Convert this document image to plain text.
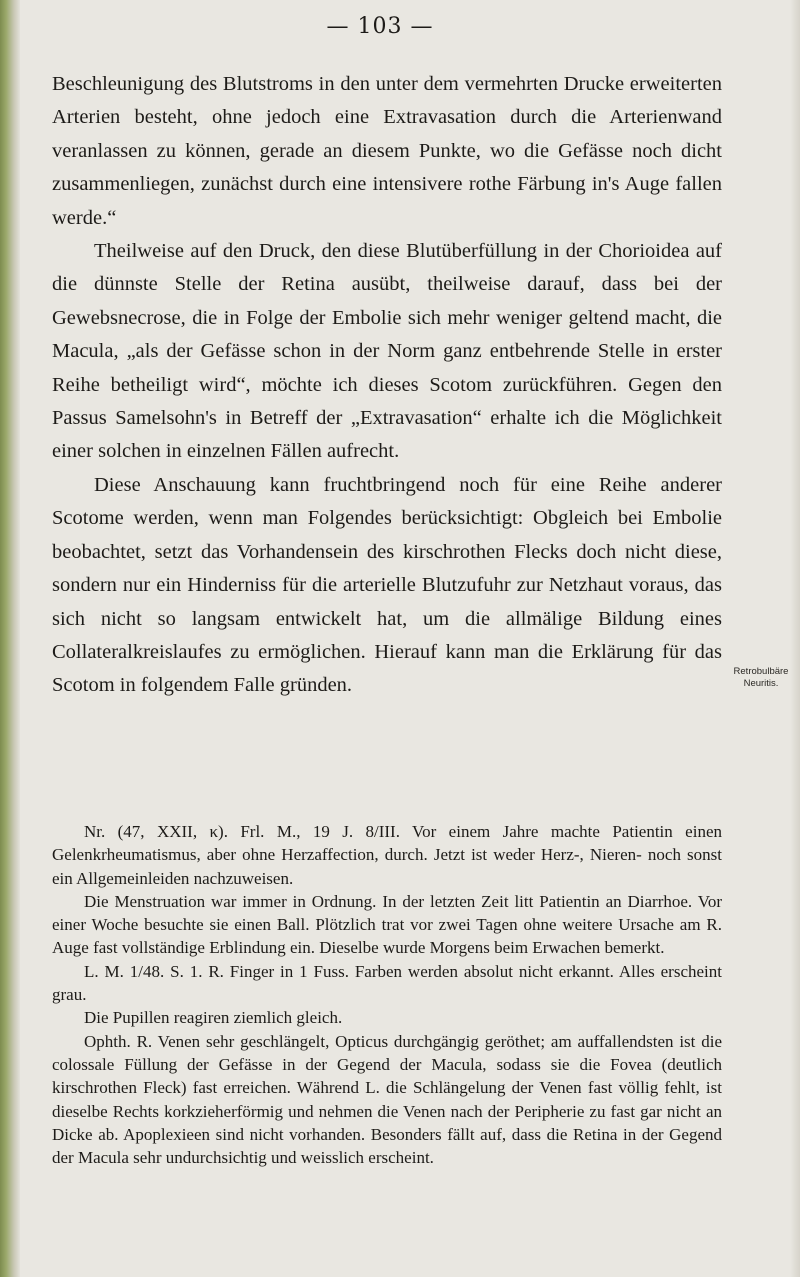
— 103 —

Beschleunigung des Blutstroms in den unter dem vermehrten Drucke erweiterten Arterien besteht, ohne jedoch eine Extravasation durch die Arterienwand veranlassen zu können, gerade an diesem Punkte, wo die Gefässe noch dicht zusammenliegen, zunächst durch eine intensivere rothe Färbung in's Auge fallen werde.“

Theilweise auf den Druck, den diese Blutüberfüllung in der Chorioidea auf die dünnste Stelle der Retina ausübt, theilweise darauf, dass bei der Gewebsnecrose, die in Folge der Embolie sich mehr weniger geltend macht, die Macula, „als der Gefässe schon in der Norm ganz entbehrende Stelle in erster Reihe betheiligt wird“, möchte ich dieses Scotom zurückführen. Gegen den Passus Samelsohn's in Betreff der „Extravasation“ erhalte ich die Möglichkeit einer solchen in einzelnen Fällen aufrecht.

Diese Anschauung kann fruchtbringend noch für eine Reihe anderer Scotome werden, wenn man Folgendes berücksichtigt: Obgleich bei Embolie beobachtet, setzt das Vorhandensein des kirschrothen Flecks doch nicht diese, sondern nur ein Hinderniss für die arterielle Blutzufuhr zur Netzhaut voraus, das sich nicht so langsam entwickelt hat, um die allmälige Bildung eines Collateralkreislaufes zu ermöglichen. Hierauf kann man die Erklärung für das Scotom in folgendem Falle gründen.

Retrobulbäre
Neuritis.

Nr. (47, XXII, κ). Frl. M., 19 J. 8/III. Vor einem Jahre machte Patientin einen Gelenkrheumatismus, aber ohne Herzaffection, durch. Jetzt ist weder Herz-, Nieren- noch sonst ein Allgemeinleiden nachzuweisen.

Die Menstruation war immer in Ordnung. In der letzten Zeit litt Patientin an Diarrhoe. Vor einer Woche besuchte sie einen Ball. Plötzlich trat vor zwei Tagen ohne weitere Ursache am R. Auge fast vollständige Erblindung ein. Dieselbe wurde Morgens beim Erwachen bemerkt.

L. M. 1/48. S. 1. R. Finger in 1 Fuss. Farben werden absolut nicht erkannt. Alles erscheint grau.

Die Pupillen reagiren ziemlich gleich.

Ophth. R. Venen sehr geschlängelt, Opticus durchgängig geröthet; am auffallendsten ist die colossale Füllung der Gefässe in der Gegend der Macula, sodass sie die Fovea (deutlich kirschrothen Fleck) fast erreichen. Während L. die Schlängelung der Venen fast völlig fehlt, ist dieselbe Rechts korkzieherförmig und nehmen die Venen nach der Peripherie zu fast gar nicht an Dicke ab. Apoplexieen sind nicht vorhanden. Besonders fällt auf, dass die Retina in der Gegend der Macula sehr undurchsichtig und weisslich erscheint.
